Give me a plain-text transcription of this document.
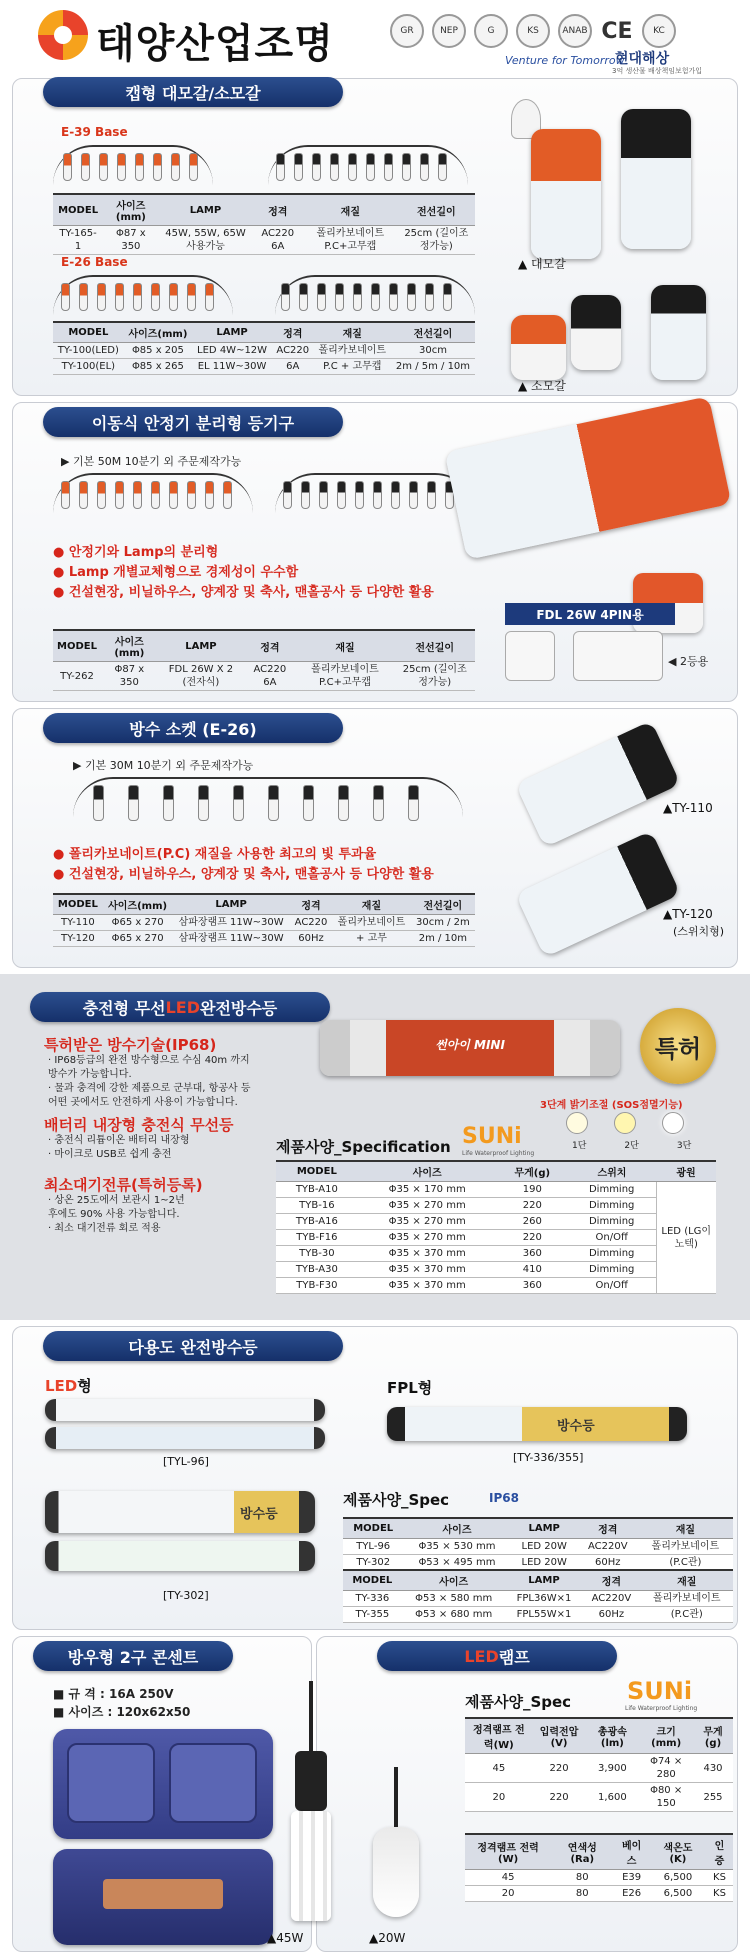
태양산업조명	GR	NEP	G	KS	ANAB CE	KC
Venture for Tomorrow
현대해상
3억 생산물 배상책임보험가입
캡형 대모갈/소모갈
E-39 Base
MODEL	사이즈(mm)	LAMP	정격	재질	전선길이
TY-165-1	Φ87 x 350	45W, 55W, 65W 사용가능	AC220 6A	폴리카보네이트 P.C+고무캡	25cm (길이조정가능)
E-26 Base
MODEL	사이즈(mm)	LAMP	정격	재질	전선길이
TY-100(LED)	Φ85 x 205	LED 4W~12W	AC220	폴리카보네이트	30cm
TY-100(EL)	Φ85 x 265	EL 11W~30W	6A	P.C + 고무캡	2m / 5m / 10m
▲ 대모갈
▲ 소모갈
이동식 안정기 분리형 등기구
▶ 기본 50M 10분기 외 주문제작가능
● 안정기와 Lamp의 분리형
● Lamp 개별교체형으로 경제성이 우수함
● 건설현장, 비닐하우스, 양계장 및 축사, 맨홀공사 등 다양한 활용
MODEL	사이즈(mm)	LAMP	정격	재질	전선길이
TY-262	Φ87 x 350	FDL 26W X 2 (전자식)	AC220 6A	폴리카보네이트 P.C+고무캡	25cm (길이조정가능)
FDL 26W 4PIN용
◀ 2등용
방수 소켓 (E-26)
▶ 기본 30M 10분기 외 주문제작가능
● 폴리카보네이트(P.C) 재질을 사용한 최고의 빛 투과율
● 건설현장, 비닐하우스, 양계장 및 축사, 맨홀공사 등 다양한 활용
MODEL	사이즈(mm)	LAMP	정격	재질	전선길이
TY-110	Φ65 x 270	삼파장램프 11W~30W	AC220	폴리카보네이트	30cm / 2m
TY-120	Φ65 x 270	삼파장램프 11W~30W	60Hz	+ 고무	2m / 10m
▲TY-110
▲TY-120
(스위치형)
충전형 무선 LED 완전방수등
특허받은 방수기술(IP68)
· IP68등급의 완전 방수형으로 수심 40m 까지
방수가 가능합니다.
· 물과 충격에 강한 제품으로 군부대, 항공사 등
어떤 곳에서도 안전하게 사용이 가능합니다.
배터리 내장형 충전식 무선등
· 충전식 리튬이온 배터리 내장형
· 마이크로 USB로 쉽게 충전
최소대기전류(특허등록)
· 상온 25도에서 보관시 1~2년
후에도 90% 사용 가능합니다.
· 최소 대기전류 회로 적용
썬아이 MINI	특허
3단계 밝기조절 (SOS점멸기능)
1단	2단	3단
제품사양_Specification SUNi
Life Waterproof Lighting
MODEL	사이즈	무게(g)	스위치	광원
TYB-A10	Φ35 × 170 mm	190	Dimming	LED (LG이노텍)
TYB-16	Φ35 × 270 mm	220	Dimming	
TYB-A16	Φ35 × 270 mm	260	Dimming	
TYB-F16	Φ35 × 270 mm	220	On/Off	
TYB-30	Φ35 × 370 mm	360	Dimming	
TYB-A30	Φ35 × 370 mm	410	Dimming	
TYB-F30	Φ35 × 370 mm	360	On/Off	
다용도 완전방수등
LED형
[TYL-96]
FPL형
방수등
[TY-336/355]
방수등
[TY-302]
제품사양_Spec	IP68
MODEL	사이즈	LAMP	정격	재질
TYL-96	Φ35 × 530 mm	LED 20W	AC220V	폴리카보네이트
TY-302	Φ53 × 495 mm	LED 20W	60Hz	(P.C관)
MODEL	사이즈	LAMP	정격	재질
TY-336	Φ53 × 580 mm	FPL36W×1	AC220V	폴리카보네이트
TY-355	Φ53 × 680 mm	FPL55W×1	60Hz	(P.C관)
방우형 2구 콘센트
■ 규 격 : 16A 250V
■ 사이즈 : 120x62x50
LED 램프
▲45W	▲20W
제품사양_Spec SUNi
Life Waterproof Lighting
정격램프 전력(W)	입력전압 (V)	총광속 (lm)	크기 (mm)	무게 (g)
45	220	3,900	Φ74 × 280	430
20	220	1,600	Φ80 × 150	255
정격램프 전력(W)	연색성 (Ra)	베이스	색온도 (K)	인증
45	80	E39	6,500	KS
20	80	E26	6,500	KS
